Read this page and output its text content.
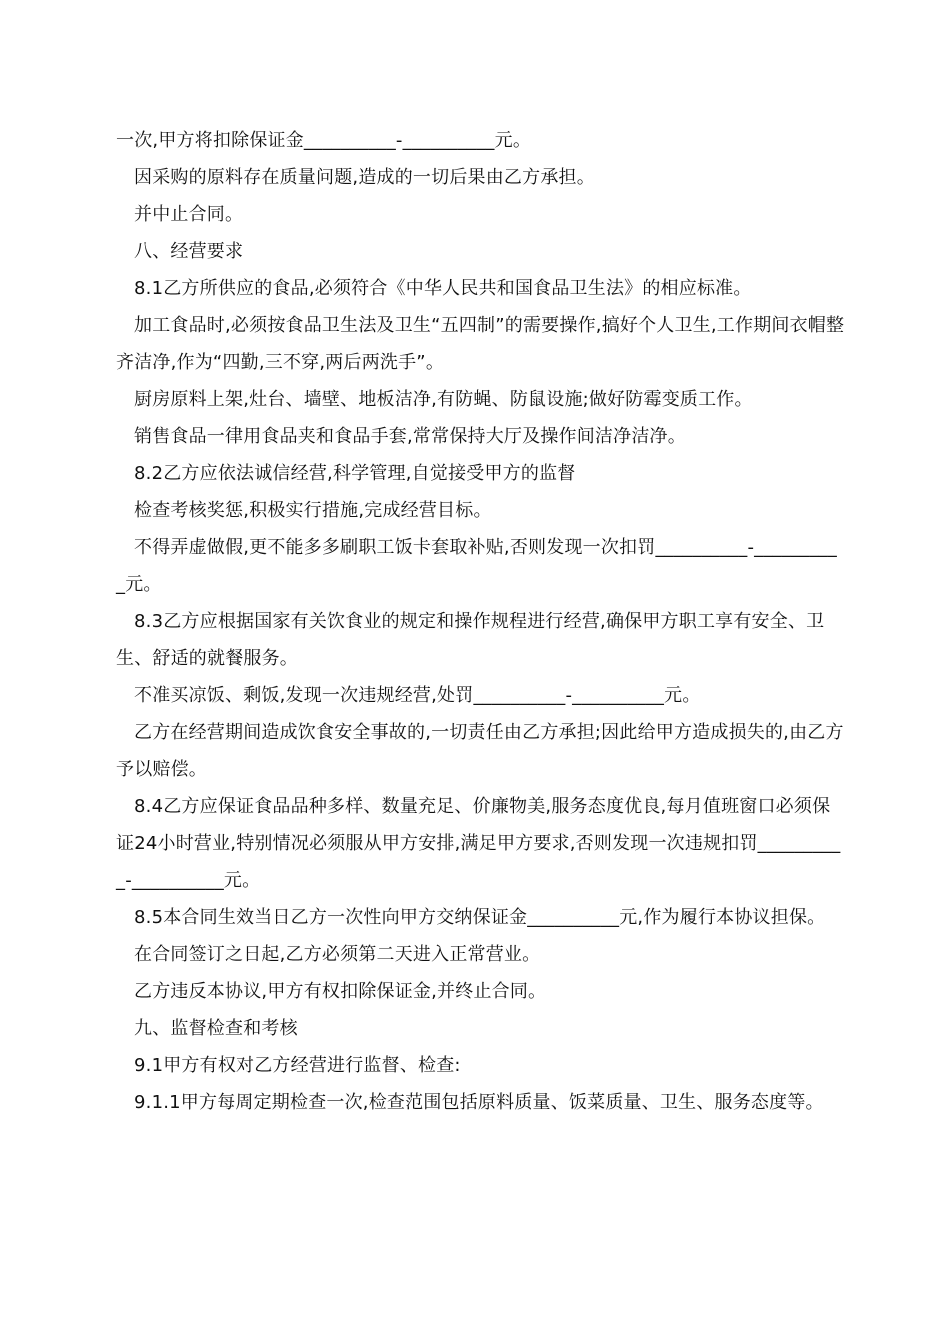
一次,甲方将扣除保证金__________-__________元。

因采购的原料存在质量问题,造成的一切后果由乙方承担。

并中止合同。

八、经营要求

8.1乙方所供应的食品,必须符合《中华人民共和国食品卫生法》的相应标准。

加工食品时,必须按食品卫生法及卫生“五四制”的需要操作,搞好个人卫生,工作期间衣帽整齐洁净,作为“四勤,三不穿,两后两洗手”。

厨房原料上架,灶台、墙壁、地板洁净,有防蝇、防鼠设施;做好防霉变质工作。

销售食品一律用食品夹和食品手套,常常保持大厅及操作间洁净洁净。

8.2乙方应依法诚信经营,科学管理,自觉接受甲方的监督

检查考核奖惩,积极实行措施,完成经营目标。

不得弄虚做假,更不能多多刷职工饭卡套取补贴,否则发现一次扣罚__________-__________元。

8.3乙方应根据国家有关饮食业的规定和操作规程进行经营,确保甲方职工享有安全、卫生、舒适的就餐服务。

不准买凉饭、剩饭,发现一次违规经营,处罚__________-__________元。

乙方在经营期间造成饮食安全事故的,一切责任由乙方承担;因此给甲方造成损失的,由乙方予以赔偿。

8.4乙方应保证食品品种多样、数量充足、价廉物美,服务态度优良,每月值班窗口必须保证24小时营业,特别情况必须服从甲方安排,满足甲方要求,否则发现一次违规扣罚__________-__________元。

8.5本合同生效当日乙方一次性向甲方交纳保证金__________元,作为履行本协议担保。

在合同签订之日起,乙方必须第二天进入正常营业。

乙方违反本协议,甲方有权扣除保证金,并终止合同。

九、监督检查和考核

9.1甲方有权对乙方经营进行监督、检查:

9.1.1甲方每周定期检查一次,检查范围包括原料质量、饭菜质量、卫生、服务态度等。
